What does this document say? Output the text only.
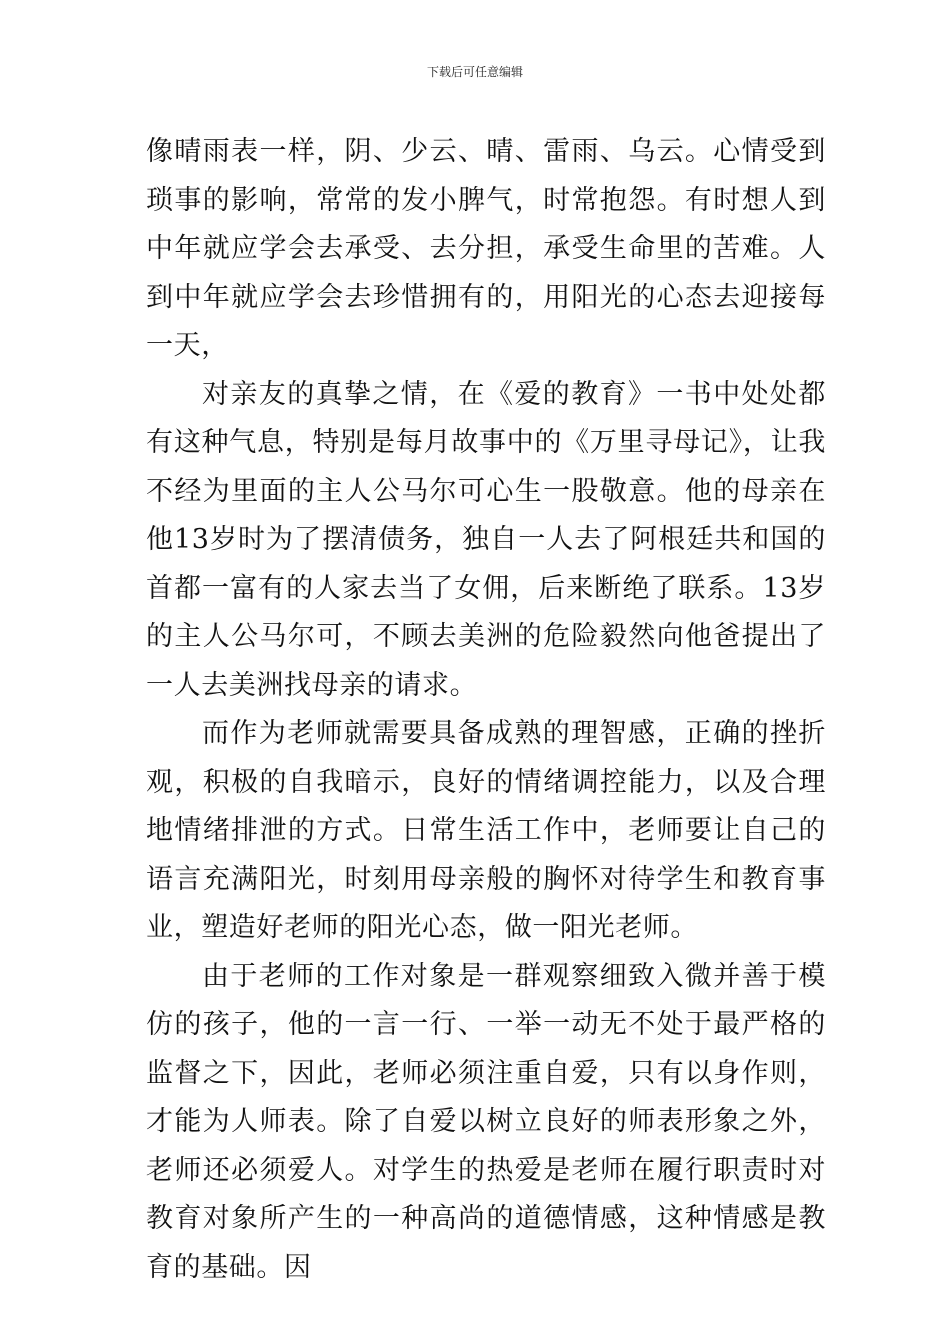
下载后可任意编辑

像晴雨表一样，阴、少云、晴、雷雨、乌云。心情受到琐事的影响，常常的发小脾气，时常抱怨。有时想人到中年就应学会去承受、去分担，承受生命里的苦难。人到中年就应学会去珍惜拥有的，用阳光的心态去迎接每一天，

对亲友的真挚之情，在《爱的教育》一书中处处都有这种气息，特别是每月故事中的《万里寻母记》，让我不经为里面的主人公马尔可心生一股敬意。他的母亲在他13岁时为了摆清债务，独自一人去了阿根廷共和国的首都一富有的人家去当了女佣，后来断绝了联系。13岁的主人公马尔可，不顾去美洲的危险毅然向他爸提出了一人去美洲找母亲的请求。

而作为老师就需要具备成熟的理智感，正确的挫折观，积极的自我暗示，良好的情绪调控能力，以及合理地情绪排泄的方式。日常生活工作中，老师要让自己的语言充满阳光，时刻用母亲般的胸怀对待学生和教育事业，塑造好老师的阳光心态，做一阳光老师。

由于老师的工作对象是一群观察细致入微并善于模仿的孩子，他的一言一行、一举一动无不处于最严格的监督之下，因此，老师必须注重自爱，只有以身作则，才能为人师表。除了自爱以树立良好的师表形象之外，老师还必须爱人。对学生的热爱是老师在履行职责时对教育对象所产生的一种高尚的道德情感，这种情感是教育的基础。因
